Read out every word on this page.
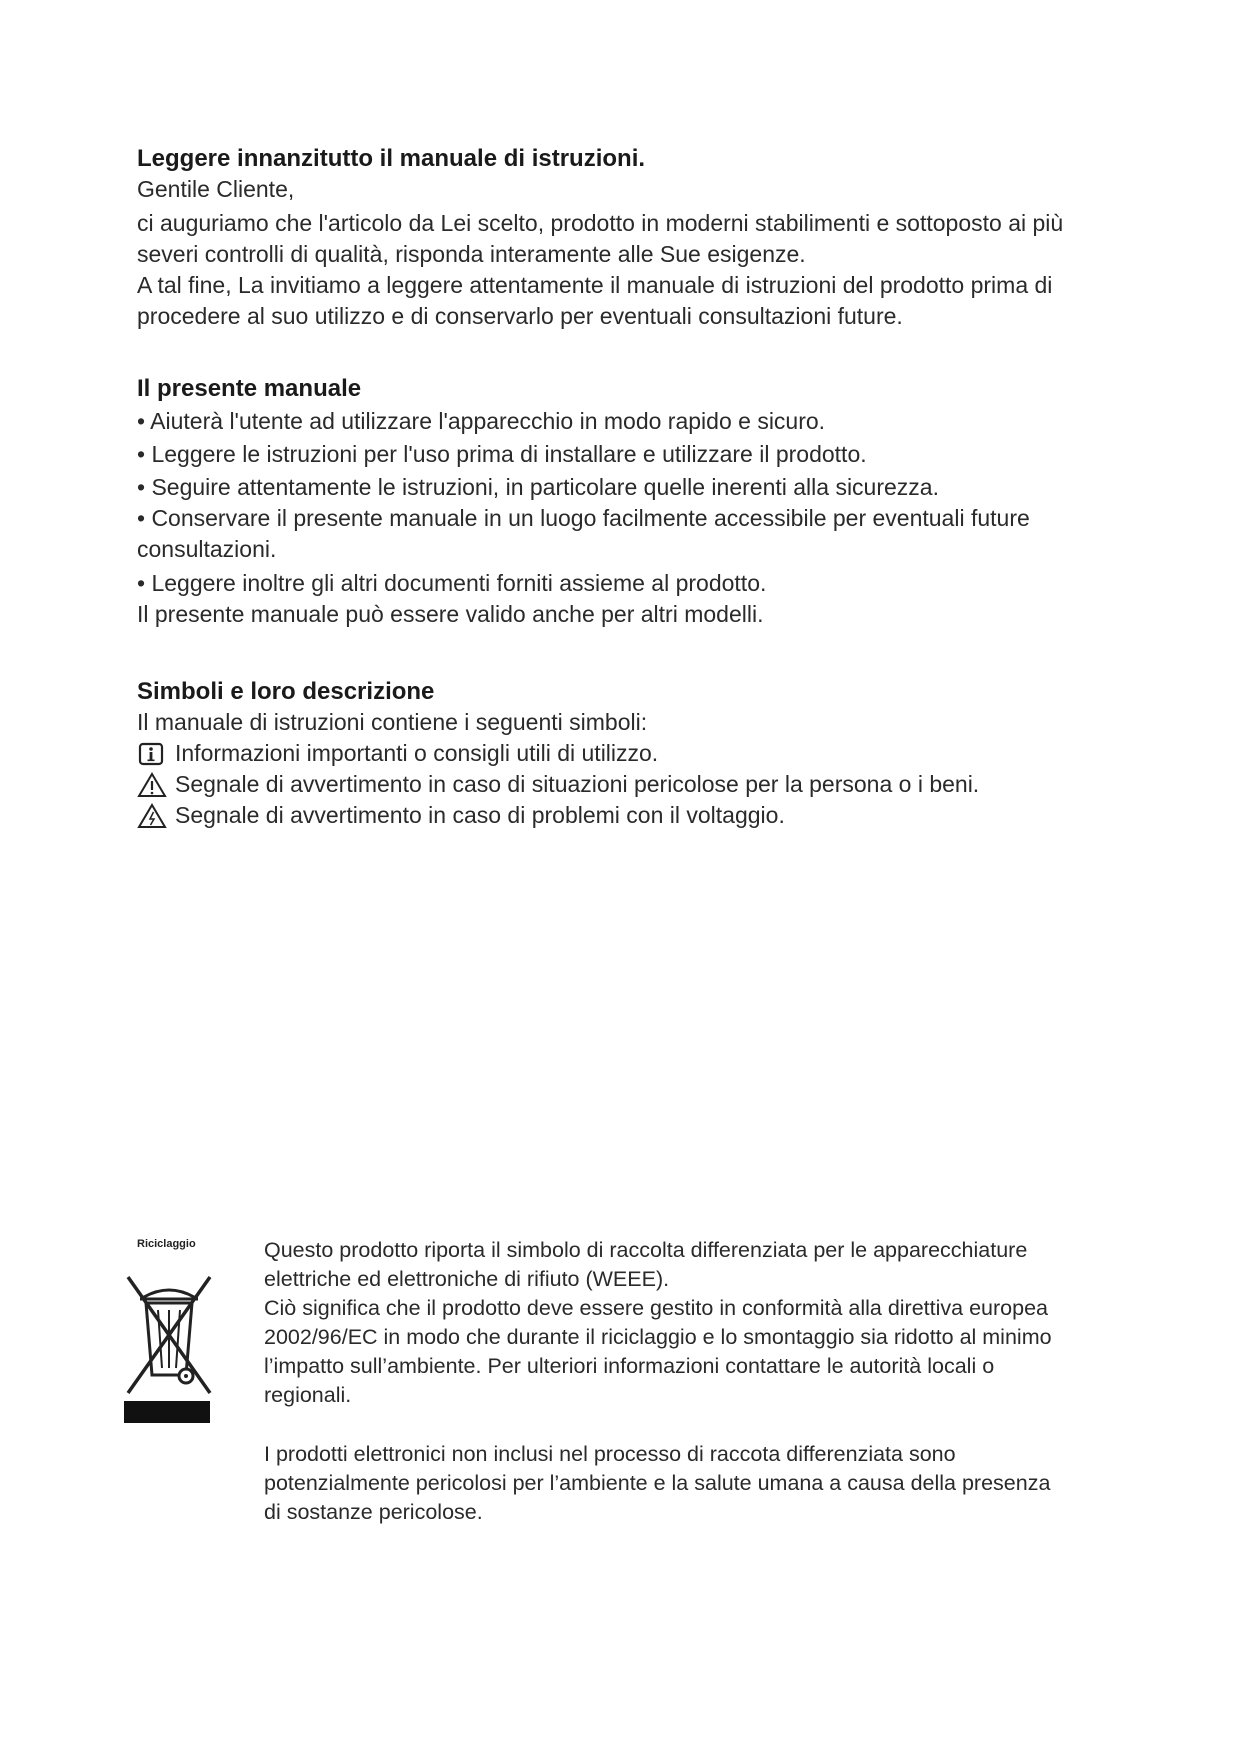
Leggere innanzitutto il manuale di istruzioni.

Gentile Cliente,

ci auguriamo che l'articolo da Lei scelto, prodotto in moderni stabilimenti e sottoposto ai più severi controlli di qualità, risponda interamente alle Sue esigenze.

A tal fine, La invitiamo a leggere attentamente il manuale di istruzioni del prodotto prima di procedere al suo utilizzo e di conservarlo per eventuali consultazioni future.

Il presente manuale

• Aiuterà l'utente ad utilizzare l'apparecchio in modo rapido e sicuro.

• Leggere le istruzioni per l'uso prima di installare e utilizzare il prodotto.

• Seguire attentamente le istruzioni, in particolare quelle inerenti alla sicurezza.

• Conservare il presente manuale in un luogo facilmente accessibile per eventuali future consultazioni.

• Leggere inoltre gli altri documenti forniti assieme al prodotto.

Il presente manuale può essere valido anche per altri modelli.

Simboli e loro descrizione

Il manuale di istruzioni contiene i seguenti simboli:

Informazioni importanti o consigli utili di utilizzo.
Segnale di avvertimento in caso di situazioni pericolose per la persona o i beni.
Segnale di avvertimento in caso di problemi con il voltaggio.
Riciclaggio	Questo prodotto riporta il simbolo di raccolta differenziata per le apparecchiature elettriche ed elettroniche di rifiuto (WEEE).

Ciò significa che il prodotto deve essere gestito in conformità alla direttiva europea 2002/96/EC in modo che durante il riciclaggio e lo smontaggio sia ridotto al minimo l’impatto sull’ambiente. Per ulteriori informazioni contattare le autorità locali o regionali.

I prodotti elettronici non inclusi nel processo di raccota differenziata sono potenzialmente pericolosi per l’ambiente e la salute umana a causa della presenza di sostanze pericolose.
